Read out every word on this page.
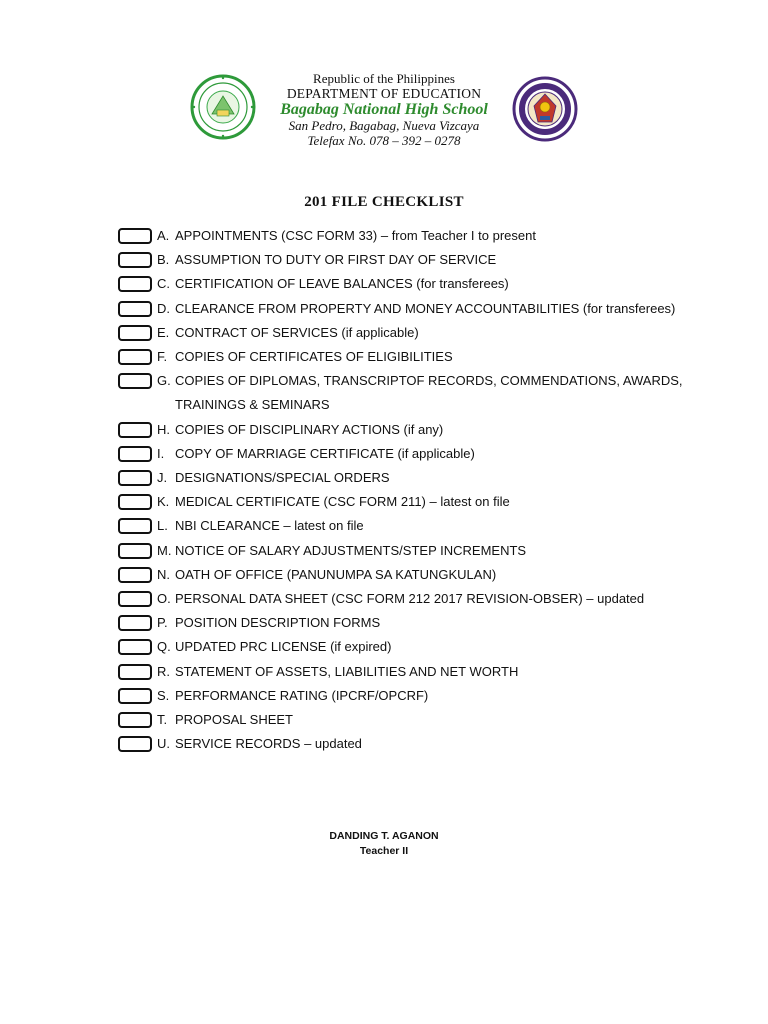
Republic of the Philippines
DEPARTMENT OF EDUCATION
Bagabag National High School
San Pedro, Bagabag, Nueva Vizcaya
Telefax No. 078 – 392 – 0278
201 FILE CHECKLIST
A. APPOINTMENTS (CSC FORM 33) – from Teacher I to present
B. ASSUMPTION TO DUTY OR FIRST DAY OF SERVICE
C. CERTIFICATION OF LEAVE BALANCES (for transferees)
D. CLEARANCE FROM PROPERTY AND MONEY ACCOUNTABILITIES (for transferees)
E. CONTRACT OF SERVICES (if applicable)
F. COPIES OF CERTIFICATES OF ELIGIBILITIES
G. COPIES OF DIPLOMAS, TRANSCRIPTOF RECORDS, COMMENDATIONS, AWARDS, TRAININGS & SEMINARS
H. COPIES OF DISCIPLINARY ACTIONS (if any)
I. COPY OF MARRIAGE CERTIFICATE (if applicable)
J. DESIGNATIONS/SPECIAL ORDERS
K. MEDICAL CERTIFICATE (CSC FORM 211) – latest on file
L. NBI CLEARANCE – latest on file
M. NOTICE OF SALARY ADJUSTMENTS/STEP INCREMENTS
N. OATH OF OFFICE (PANUNUMPA SA KATUNGKULAN)
O. PERSONAL DATA SHEET (CSC FORM 212 2017 REVISION-OBSER) – updated
P. POSITION DESCRIPTION FORMS
Q. UPDATED PRC LICENSE (if expired)
R. STATEMENT OF ASSETS, LIABILITIES AND NET WORTH
S. PERFORMANCE RATING (IPCRF/OPCRF)
T. PROPOSAL SHEET
U. SERVICE RECORDS – updated
DANDING T. AGANON
Teacher II
